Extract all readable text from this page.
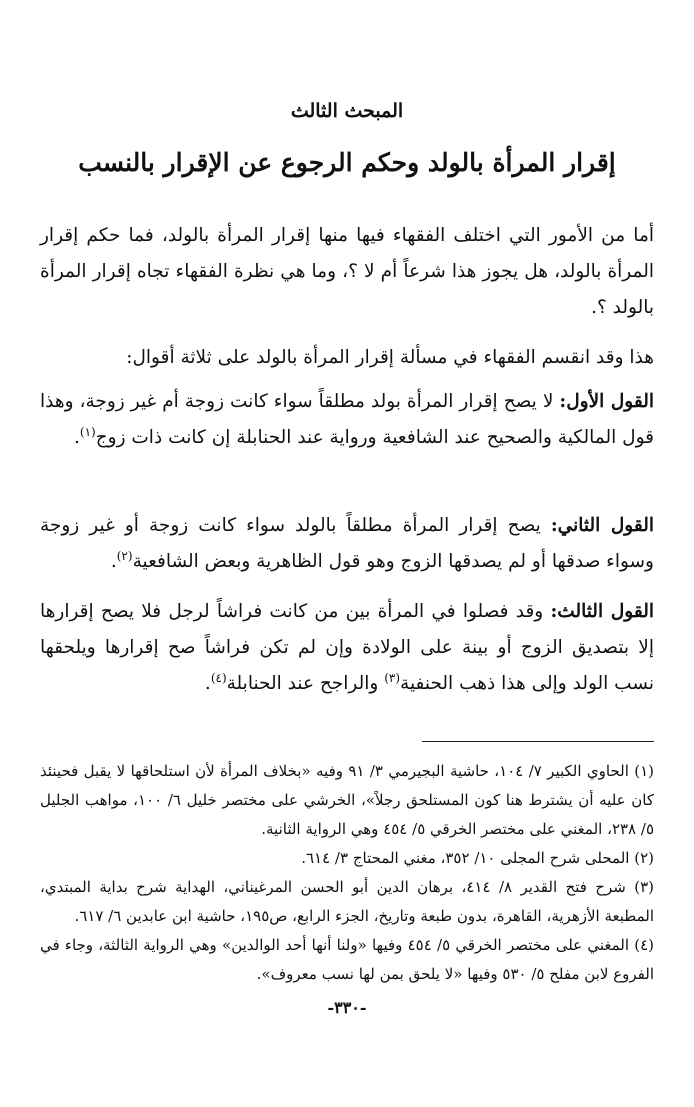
المبحث الثالث
إقرار المرأة بالولد وحكم الرجوع عن الإقرار بالنسب

أما من الأمور التي اختلف الفقهاء فيها منها إقرار المرأة بالولد، فما حكم إقرار المرأة بالولد، هل يجوز هذا شرعاً أم لا ؟، وما هي نظرة الفقهاء تجاه إقرار المرأة بالولد ؟.

هذا وقد انقسم الفقهاء في مسألة إقرار المرأة بالولد على ثلاثة أقوال:

القول الأول: لا يصح إقرار المرأة بولد مطلقاً سواء كانت زوجة أم غير زوجة، وهذا قول المالكية والصحيح عند الشافعية ورواية عند الحنابلة إن كانت ذات زوج$^{(١)}$.

القول الثاني: يصح إقرار المرأة مطلقاً بالولد سواء كانت زوجة أو غير زوجة وسواء صدقها أو لم يصدقها الزوج وهو قول الظاهرية وبعض الشافعية$^{(٢)}$.

القول الثالث: وقد فصلوا في المرأة بين من كانت فراشاً لرجل فلا يصح إقرارها إلا بتصديق الزوج أو بينة على الولادة وإن لم تكن فراشاً صح إقرارها ويلحقها نسب الولد وإلى هذا ذهب الحنفية$^{(٣)}$ والراجح عند الحنابلة$^{(٤)}$.

(١) الحاوي الكبير ٧/ ١٠٤، حاشية البجيرمي ٣/ ٩١ وفيه «بخلاف المرأة لأن استلحاقها لا يقبل فحينئذ كان عليه أن يشترط هنا كون المستلحق رجلاً»، الخرشي على مختصر خليل ٦/ ١٠٠، مواهب الجليل ٥/ ٢٣٨، المغني على مختصر الخرقي ٥/ ٤٥٤ وهي الرواية الثانية.

(٢) المحلى شرح المجلى ١٠/ ٣٥٢، مغني المحتاج ٣/ ٦١٤.

(٣) شرح فتح القدير ٨/ ٤١٤، برهان الدين أبو الحسن المرغيناني، الهداية شرح بداية المبتدي، المطبعة الأزهرية، القاهرة، بدون طبعة وتاريخ، الجزء الرابع، ص١٩٥، حاشية ابن عابدين ٦/ ٦١٧.

(٤) المغني على مختصر الخرقي ٥/ ٤٥٤ وفيها «ولنا أنها أحد الوالدين» وهي الرواية الثالثة، وجاء في الفروع لابن مفلح ٥/ ٥٣٠ وفيها «لا يلحق بمن لها نسب معروف».

-٣٣٠-
